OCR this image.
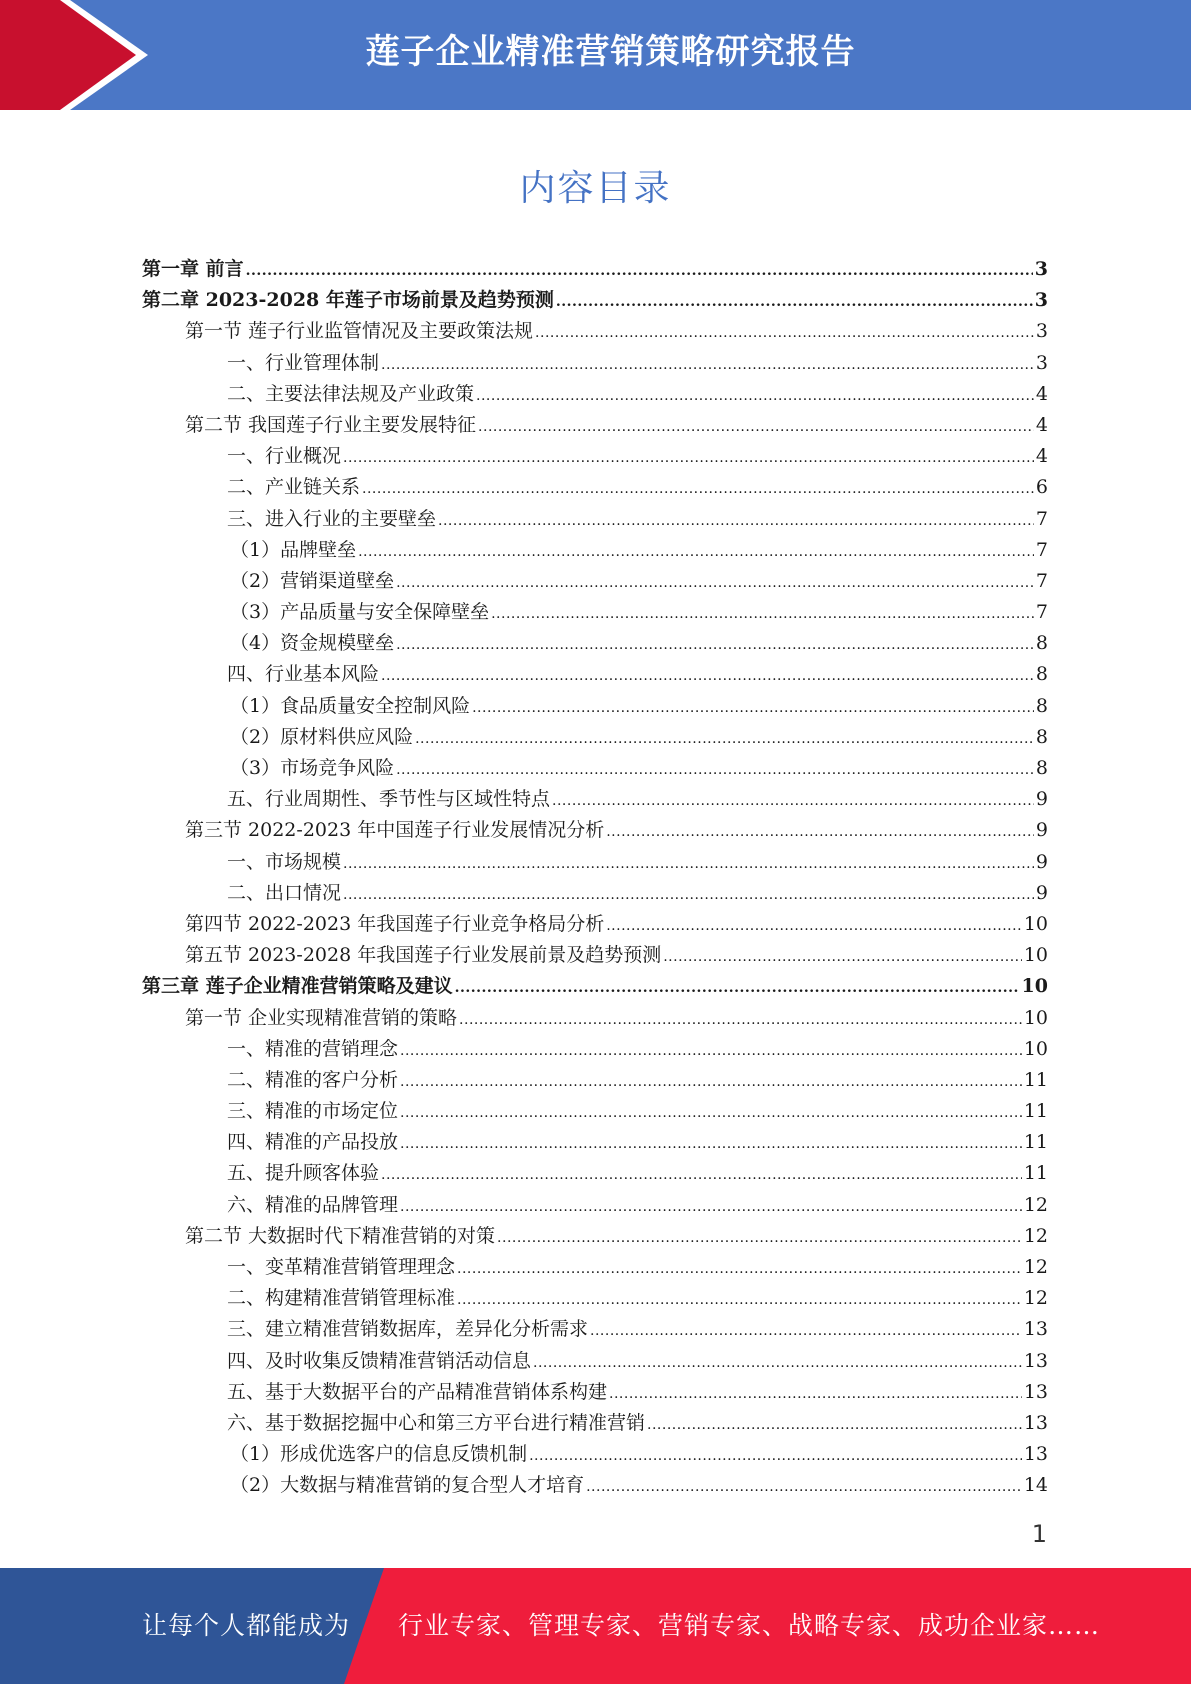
莲子企业精准营销策略研究报告
内容目录
第一章 前言 .....	3
第二章 2023-2028 年莲子市场前景及趋势预测 .....	3
第一节 莲子行业监管情况及主要政策法规 .....	3
一、行业管理体制 .....	3
二、主要法律法规及产业政策 .....	4
第二节 我国莲子行业主要发展特征 .....	4
一、行业概况 .....	4
二、产业链关系 .....	6
三、进入行业的主要壁垒 .....	7
（1）品牌壁垒 .....	7
（2）营销渠道壁垒 .....	7
（3）产品质量与安全保障壁垒 .....	7
（4）资金规模壁垒 .....	8
四、行业基本风险 .....	8
（1）食品质量安全控制风险 .....	8
（2）原材料供应风险 .....	8
（3）市场竞争风险 .....	8
五、行业周期性、季节性与区域性特点 .....	9
第三节 2022-2023 年中国莲子行业发展情况分析 .....	9
一、市场规模 .....	9
二、出口情况 .....	9
第四节 2022-2023 年我国莲子行业竞争格局分析 .....	10
第五节 2023-2028 年我国莲子行业发展前景及趋势预测 .....	10
第三章 莲子企业精准营销策略及建议 .....	10
第一节 企业实现精准营销的策略 .....	10
一、精准的营销理念 .....	10
二、精准的客户分析 .....	11
三、精准的市场定位 .....	11
四、精准的产品投放 .....	11
五、提升顾客体验 .....	11
六、精准的品牌管理 .....	12
第二节 大数据时代下精准营销的对策 .....	12
一、变革精准营销管理理念 .....	12
二、构建精准营销管理标准 .....	12
三、建立精准营销数据库，差异化分析需求 .....	13
四、及时收集反馈精准营销活动信息 .....	13
五、基于大数据平台的产品精准营销体系构建 .....	13
六、基于数据挖掘中心和第三方平台进行精准营销 .....	13
（1）形成优选客户的信息反馈机制 .....	13
（2）大数据与精准营销的复合型人才培育 .....	14
1
让每个人都能成为 行业专家、管理专家、营销专家、战略专家、成功企业家……
